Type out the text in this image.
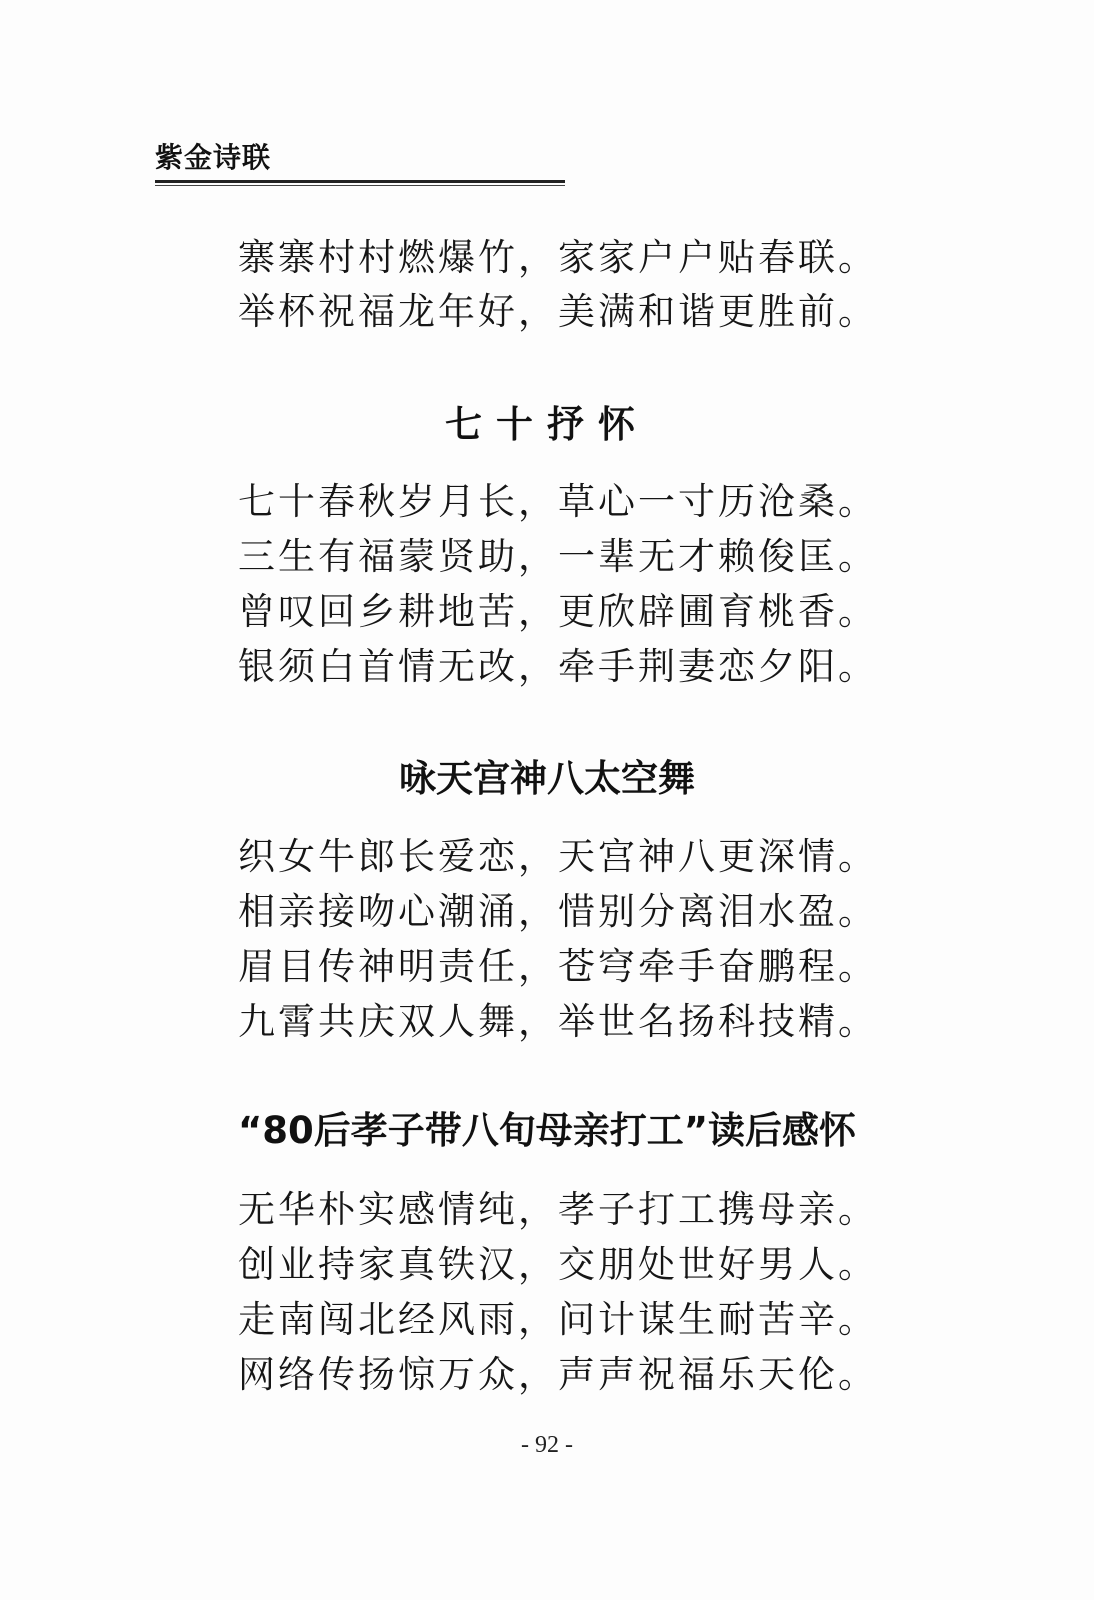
紫金诗联
寨寨村村燃爆竹，家家户户贴春联。
举杯祝福龙年好，美满和谐更胜前。
七十抒怀
七十春秋岁月长，草心一寸历沧桑。
三生有福蒙贤助，一辈无才赖俊匡。
曾叹回乡耕地苦，更欣辟圃育桃香。
银须白首情无改，牵手荆妻恋夕阳。
咏天宫神八太空舞
织女牛郎长爱恋，天宫神八更深情。
相亲接吻心潮涌，惜别分离泪水盈。
眉目传神明责任，苍穹牵手奋鹏程。
九霄共庆双人舞，举世名扬科技精。
“80后孝子带八旬母亲打工”读后感怀
无华朴实感情纯，孝子打工携母亲。
创业持家真铁汉，交朋处世好男人。
走南闯北经风雨，问计谋生耐苦辛。
网络传扬惊万众，声声祝福乐天伦。
- 92 -
